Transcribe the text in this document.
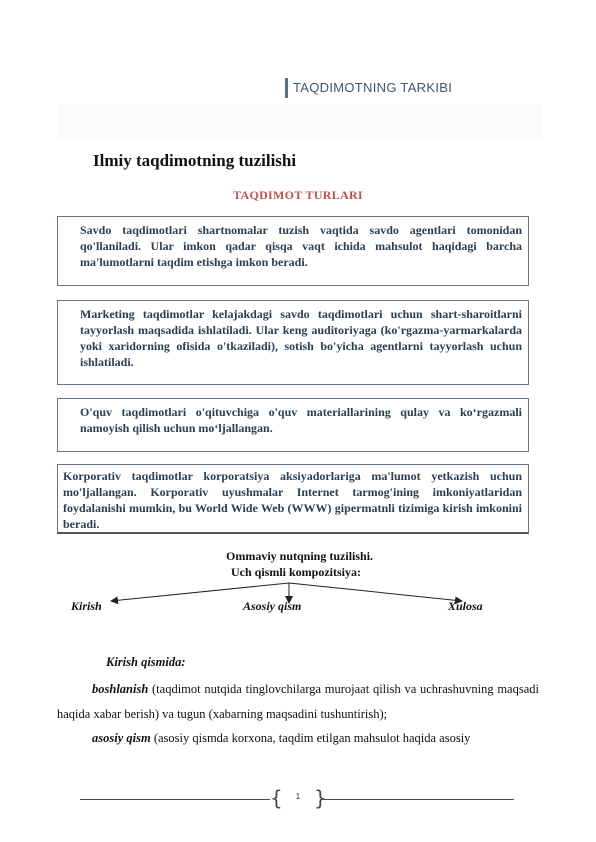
TAQDIMOTNING TARKIBI
Ilmiy taqdimotning tuzilishi
TAQDIMOT TURLARI

Savdo taqdimotlari shartnomalar tuzish vaqtida savdo agentlari tomonidan qo'llaniladi. Ular imkon qadar qisqa vaqt ichida mahsulot haqidagi barcha ma'lumotlarni taqdim etishga imkon beradi.

Marketing taqdimotlar kelajakdagi savdo taqdimotlari uchun shart-sharoitlarni tayyorlash maqsadida ishlatiladi. Ular keng auditoriyaga (ko'rgazma-yarmarkalarda yoki xaridorning ofisida o'tkaziladi), sotish bo'yicha agentlarni tayyorlash uchun ishlatiladi.

O'quv taqdimotlari o'qituvchiga o'quv materiallarining qulay va ko‘rgazmali namoyish qilish uchun mo‘ljallangan.

Korporativ taqdimotlar korporatsiya aksiyadorlariga ma'lumot yetkazish uchun mo'ljallangan. Korporativ uyushmalar Internet tarmog'ining imkoniyatlaridan foydalanishi mumkin, bu World Wide Web (WWW) gipermatnli tizimiga kirish imkonini beradi.

Ommaviy nutqning tuzilishi.
Uch qismli kompozitsiya:
Kirish	Asosiy qism	Xulosa
Kirish qismida:
boshlanish (taqdimot nutqida tinglovchilarga murojaat qilish va uchrashuvning maqsadi haqida xabar berish) va tugun (xabarning maqsadini tushuntirish);
asosiy qism (asosiy qismda korxona, taqdim etilgan mahsulot haqida asosiy
{ }
1
